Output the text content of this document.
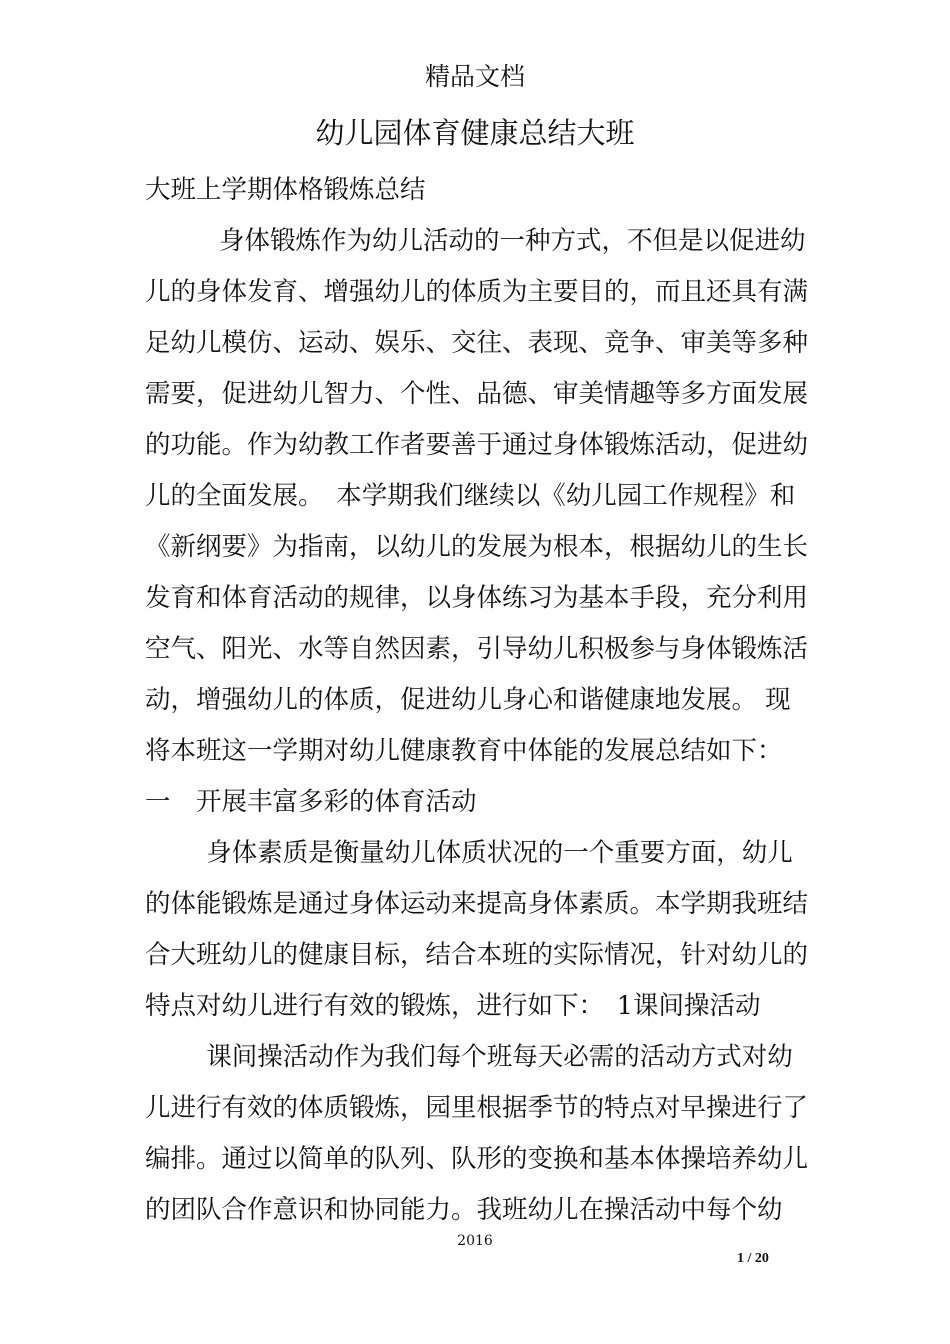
精品文档
幼儿园体育健康总结大班

大班上学期体格锻炼总结

身体锻炼作为幼儿活动的一种方式，不但是以促进幼儿的身体发育、增强幼儿的体质为主要目的，而且还具有满足幼儿模仿、运动、娱乐、交往、表现、竞争、审美等多种需要，促进幼儿智力、个性、品德、审美情趣等多方面发展的功能。作为幼教工作者要善于通过身体锻炼活动，促进幼儿的全面发展。　本学期我们继续以《幼儿园工作规程》和《新纲要》为指南，以幼儿的发展为根本，根据幼儿的生长发育和体育活动的规律，以身体练习为基本手段，充分利用空气、阳光、水等自然因素，引导幼儿积极参与身体锻炼活动，增强幼儿的体质，促进幼儿身心和谐健康地发展。 现将本班这一学期对幼儿健康教育中体能的发展总结如下：

一　开展丰富多彩的体育活动

身体素质是衡量幼儿体质状况的一个重要方面，幼儿的体能锻炼是通过身体运动来提高身体素质。本学期我班结合大班幼儿的健康目标，结合本班的实际情况，针对幼儿的特点对幼儿进行有效的锻炼，进行如下：　1课间操活动

课间操活动作为我们每个班每天必需的活动方式对幼儿进行有效的体质锻炼，园里根据季节的特点对早操进行了编排。通过以简单的队列、队形的变换和基本体操培养幼儿的团队合作意识和协同能力。我班幼儿在操活动中每个幼

2016
1 / 20
